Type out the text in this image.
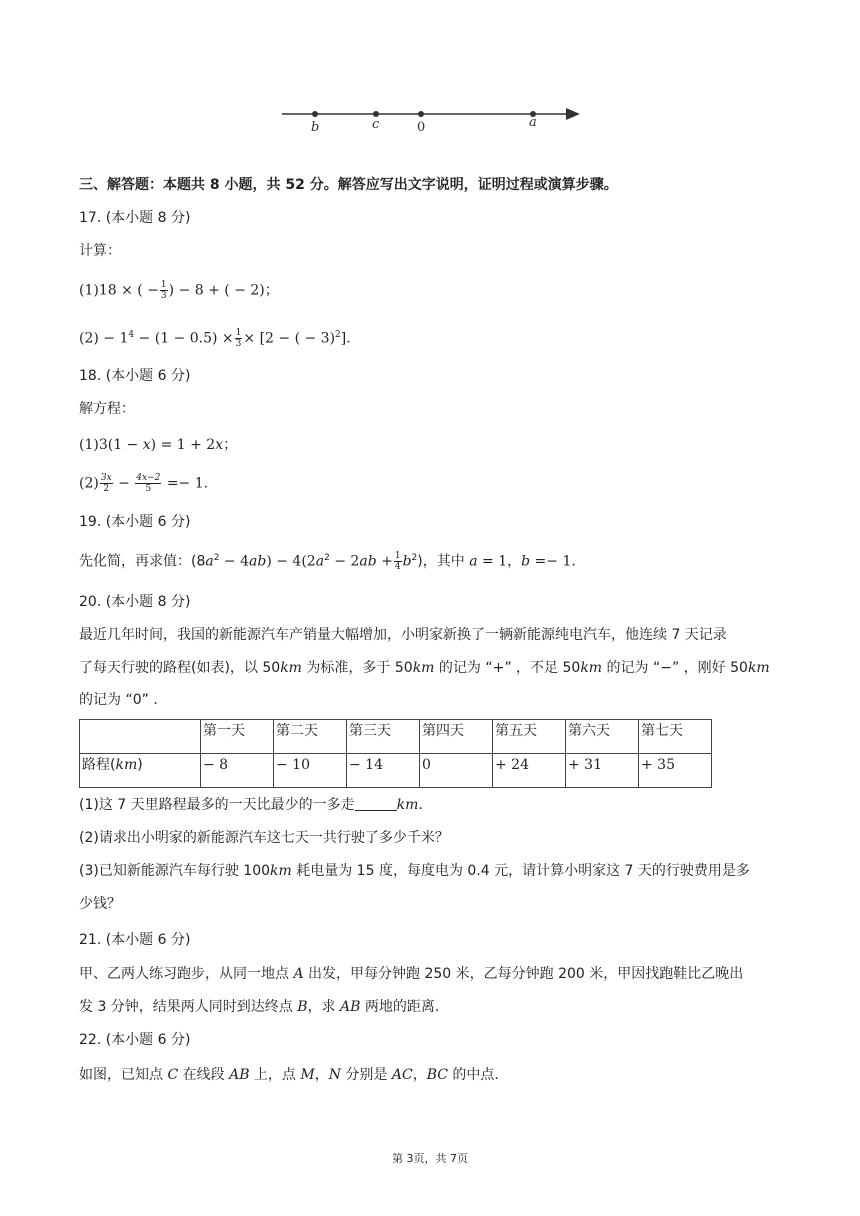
b	c	0	a
三、解答题：本题共 8 小题，共 52 分。解答应写出文字说明，证明过程或演算步骤。
17. (本小题 8 分)
计算：
(1)18 × ( − $\frac{1}{3}$ ) − 8 + ( − 2)；
$(2) - 1^4 - (1 - 0.5) \times \frac{1}{3} \times [2$ − ( − 3)$^2$].
18. (本小题 6 分)
解方程：
(1)3(1 − x) = 1 + 2x；
$(2) \frac{3x}{2} - \frac{4x-2}{5} =- 1$.
19. (本小题 6 分)
先化简，再求值：$(8a^2 - 4ab) - 4(2a^2 - 2ab + \frac{1}{4} b^2)$，其中 a = 1，b =− 1.
20. (本小题 8 分)
最近几年时间，我国的新能源汽车产销量大幅增加，小明家新换了一辆新能源纯电汽车，他连续 7 天记录
了每天行驶的路程(如表)，以 50km 为标准，多于 50km 的记为 “+” ，不足 50km 的记为 “−” ，刚好 50km
的记为 “0” .
	第一天	第二天	第三天	第四天	第五天	第六天	第七天
路程(km)	− 8	− 10	− 14	0	+ 24	+ 31	+ 35
(1)这 7 天里路程最多的一天比最少的一多走	km.
(2)请求出小明家的新能源汽车这七天一共行驶了多少千米？
(3)已知新能源汽车每行驶 100km 耗电量为 15 度，每度电为 0.4 元，请计算小明家这 7 天的行驶费用是多
少钱？
21. (本小题 6 分)
甲、乙两人练习跑步，从同一地点 A 出发，甲每分钟跑 250 米，乙每分钟跑 200 米，甲因找跑鞋比乙晚出
发 3 分钟，结果两人同时到达终点 B，求 AB 两地的距离.
22. (本小题 6 分)
如图，已知点 C 在线段 AB 上，点 M，N 分别是 AC，BC 的中点.
第 3页，共 7页
